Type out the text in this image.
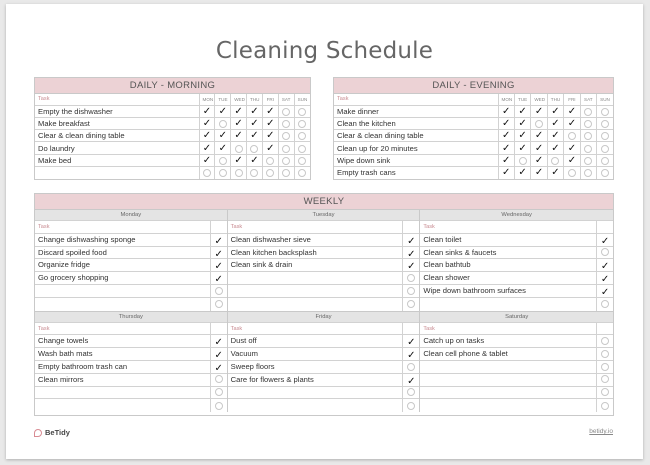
Cleaning Schedule
DAILY - MORNING
Task	MON	TUE	WED	THU	FRI	SAT	SUN
Empty the dishwasher	✓	✓	✓	✓	✓		
Make breakfast	✓		✓	✓	✓		
Clear & clean dining table	✓	✓	✓	✓	✓		
Do laundry	✓	✓			✓		
Make bed	✓		✓	✓			

DAILY - EVENING
Task	MON	TUE	WED	THU	FRI	SAT	SUN
Make dinner	✓	✓	✓	✓	✓		
Clean the kitchen	✓	✓		✓	✓		
Clear & clean dining table	✓	✓	✓	✓			
Clean up for 20 minutes	✓	✓	✓	✓	✓		
Wipe down sink	✓		✓		✓		
Empty trash cans	✓	✓	✓	✓			
WEEKLY
Monday
Task
Change dishwashing sponge	✓
Discard spoiled food	✓
Organize fridge	✓
Go grocery shopping	✓
Tuesday
Task
Clean dishwasher sieve	✓
Clean kitchen backsplash	✓
Clean sink & drain	✓
Wednesday
Task
Clean toilet	✓
Clean sinks & faucets
Clean bathtub	✓
Clean shower	✓
Wipe down bathroom surfaces	✓
Thursday
Task
Change towels	✓
Wash bath mats	✓
Empty bathroom trash can	✓
Clean mirrors
Friday
Task
Dust off	✓
Vacuum	✓
Sweep floors
Care for flowers & plants	✓
Saturday
Task
Catch up on tasks
Clean cell phone & tablet
BeTidy	betidy.io
